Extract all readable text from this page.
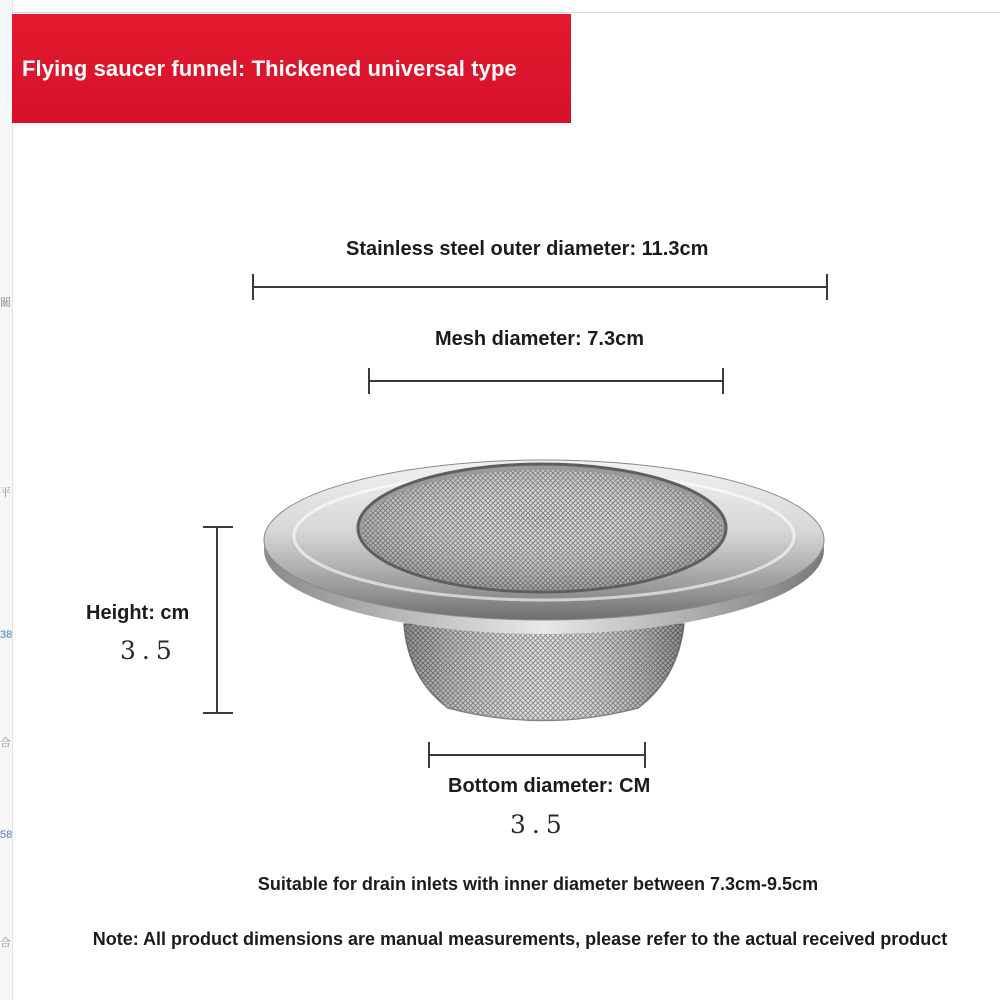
關
平
38
合
58
合
Flying saucer funnel: Thickened universal type
Stainless steel outer diameter: 11.3cm
Mesh diameter: 7.3cm
Height: cm
3.5
Bottom diameter: CM
3.5
Suitable for drain inlets with inner diameter between 7.3cm-9.5cm
Note: All product dimensions are manual measurements, please refer to the actual received product
